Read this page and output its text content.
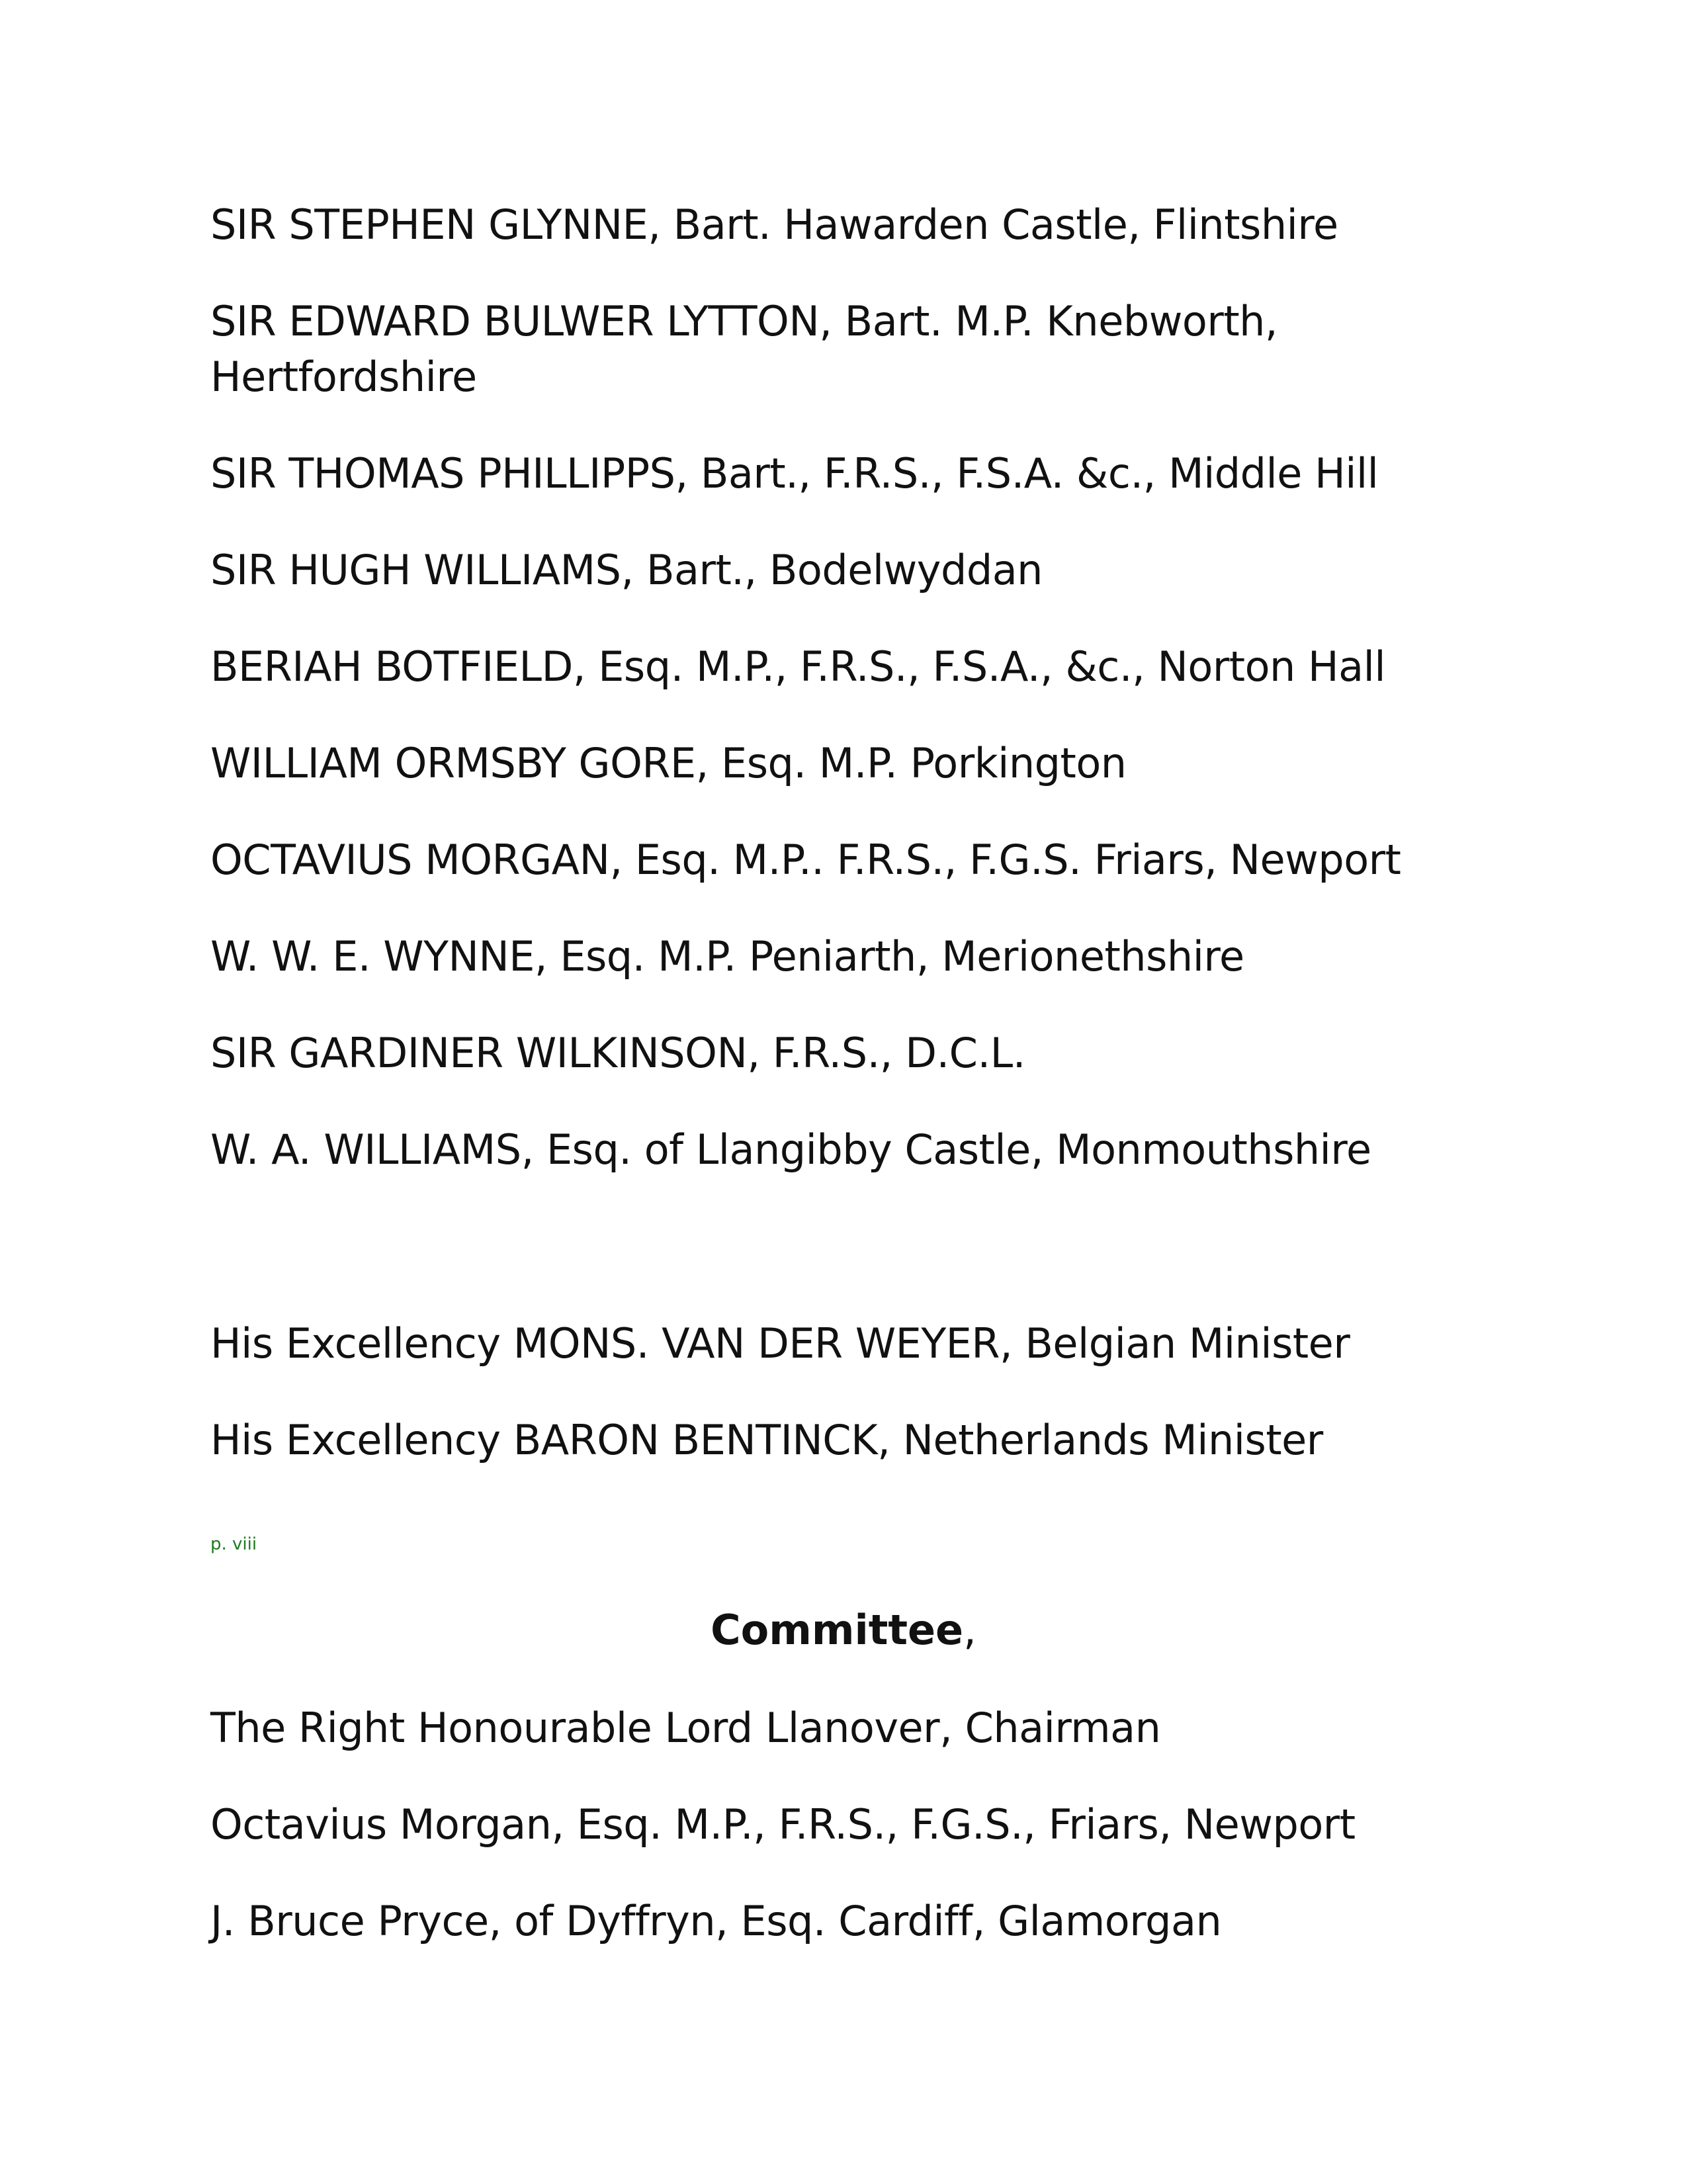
SIR STEPHEN GLYNNE, Bart. Hawarden Castle, Flintshire
SIR EDWARD BULWER LYTTON, Bart. M.P. Knebworth, Hertfordshire
SIR THOMAS PHILLIPPS, Bart., F.R.S., F.S.A. &c., Middle Hill
SIR HUGH WILLIAMS, Bart., Bodelwyddan
BERIAH BOTFIELD, Esq. M.P., F.R.S., F.S.A., &c., Norton Hall
WILLIAM ORMSBY GORE, Esq. M.P. Porkington
OCTAVIUS MORGAN, Esq. M.P.. F.R.S., F.G.S. Friars, Newport
W. W. E. WYNNE, Esq. M.P. Peniarth, Merionethshire
SIR GARDINER WILKINSON, F.R.S., D.C.L.
W. A. WILLIAMS, Esq. of Llangibby Castle, Monmouthshire
His Excellency MONS. VAN DER WEYER, Belgian Minister
His Excellency BARON BENTINCK, Netherlands Minister
p. viii
Committee,
The Right Honourable Lord Llanover, Chairman
Octavius Morgan, Esq. M.P., F.R.S., F.G.S., Friars, Newport
J. Bruce Pryce, of Dyffryn, Esq. Cardiff, Glamorgan
